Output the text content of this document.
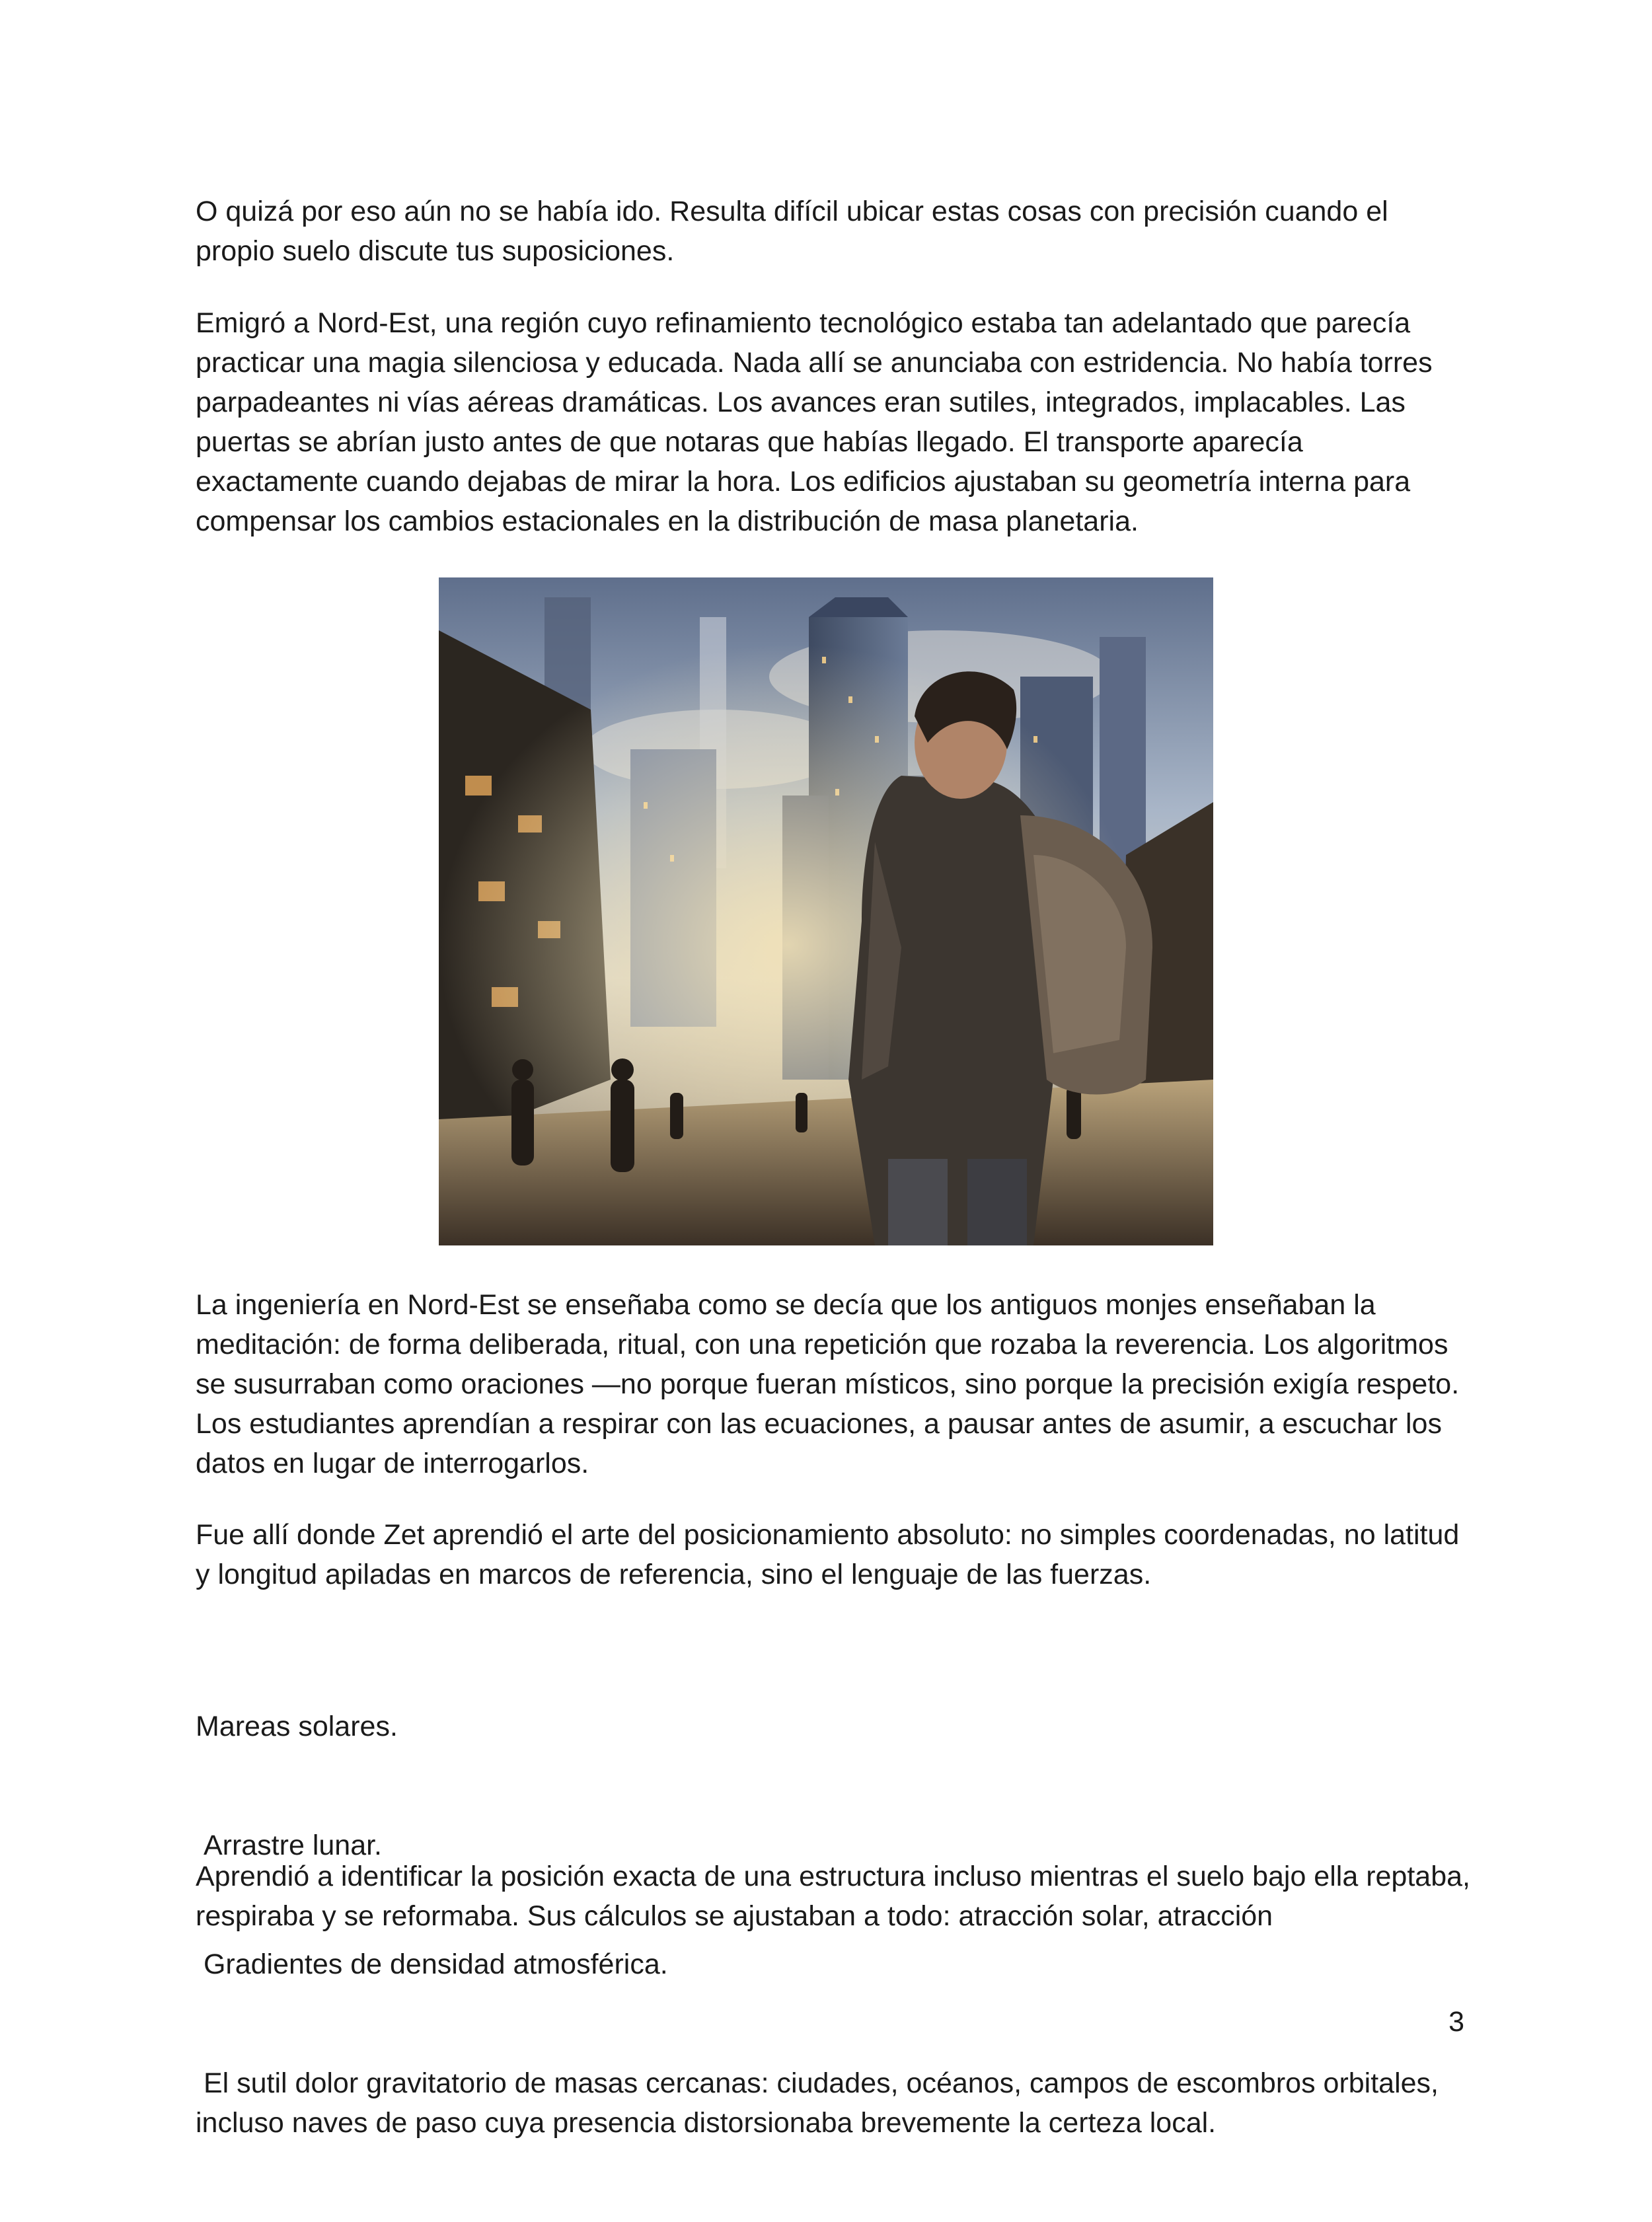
O quizá por eso aún no se había ido. Resulta difícil ubicar estas cosas con precisión cuando el propio suelo discute tus suposiciones.

Emigró a Nord-Est, una región cuyo refinamiento tecnológico estaba tan adelantado que parecía practicar una magia silenciosa y educada. Nada allí se anunciaba con estridencia. No había torres parpadeantes ni vías aéreas dramáticas. Los avances eran sutiles, integrados, implacables. Las puertas se abrían justo antes de que notaras que habías llegado. El transporte aparecía exactamente cuando dejabas de mirar la hora. Los edificios ajustaban su geometría interna para compensar los cambios estacionales en la distribución de masa planetaria.

La ingeniería en Nord-Est se enseñaba como se decía que los antiguos monjes enseñaban la meditación: de forma deliberada, ritual, con una repetición que rozaba la reverencia. Los algoritmos se susurraban como oraciones —no porque fueran místicos, sino porque la precisión exigía respeto. Los estudiantes aprendían a respirar con las ecuaciones, a pausar antes de asumir, a escuchar los datos en lugar de interrogarlos.

Fue allí donde Zet aprendió el arte del posicionamiento absoluto: no simples coordenadas, no latitud y longitud apiladas en marcos de referencia, sino el lenguaje de las fuerzas.

Mareas solares.

Arrastre lunar.

Gradientes de densidad atmosférica.

El sutil dolor gravitatorio de masas cercanas: ciudades, océanos, campos de escombros orbitales, incluso naves de paso cuya presencia distorsionaba brevemente la certeza local.

Aprendió a identificar la posición exacta de una estructura incluso mientras el suelo bajo ella reptaba, respiraba y se reformaba. Sus cálculos se ajustaban a todo: atracción solar, atracción

3
